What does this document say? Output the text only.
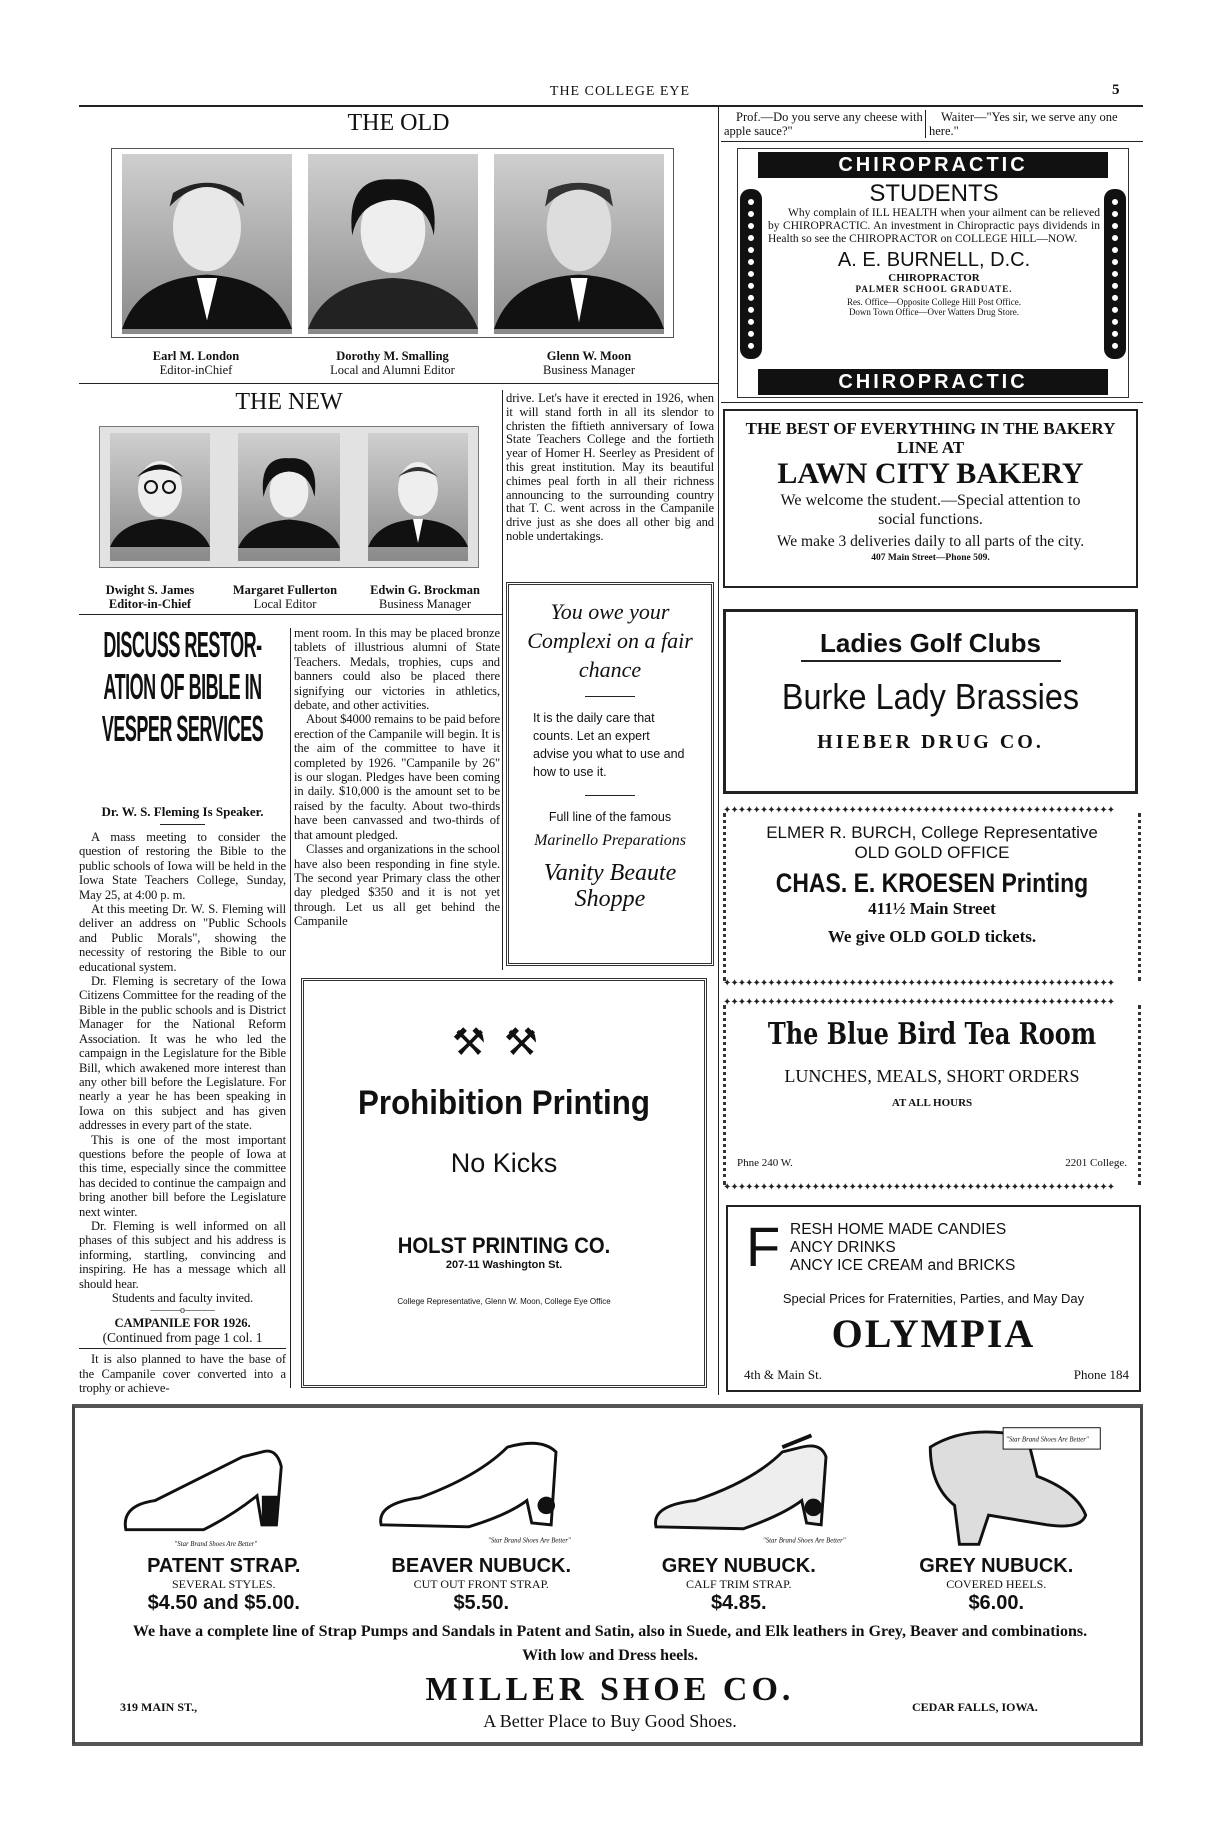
THE COLLEGE EYE	5
THE OLD
Earl M. London
Editor-inChief
Dorothy M. Smalling
Local and Alumni Editor
Glenn W. Moon
Business Manager
THE NEW
Dwight S. James
Editor-in-Chief
Margaret Fullerton
Local Editor
Edwin G. Brockman
Business Manager
drive. Let's have it erected in 1926, when it will stand forth in all its slendor to christen the fiftieth anniversary of Iowa State Teachers College and the fortieth year of Homer H. Seerley as President of this great institution. May its beautiful chimes peal forth in all their richness announcing to the surrounding country that T. C. went across in the Campanile drive just as she does all other big and noble undertakings.
DISCUSS RESTOR-ATION OF BIBLE IN VESPER SERVICES
Dr. W. S. Fleming Is Speaker.

A mass meeting to consider the question of restoring the Bible to the public schools of Iowa will be held in the Iowa State Teachers College, Sunday, May 25, at 4:00 p. m.

At this meeting Dr. W. S. Fleming will deliver an address on "Public Schools and Public Morals", showing the necessity of restoring the Bible to our educational system.

Dr. Fleming is secretary of the Iowa Citizens Committee for the reading of the Bible in the public schools and is District Manager for the National Reform Association. It was he who led the campaign in the Legislature for the Bible Bill, which awakened more interest than any other bill before the Legislature. For nearly a year he has been speaking in Iowa on this subject and has given addresses in every part of the state.

This is one of the most important questions before the people of Iowa at this time, especially since the committee has decided to continue the campaign and bring another bill before the Legislature next winter.

Dr. Fleming is well informed on all phases of this subject and his address is informing, startling, convincing and inspiring. He has a message which all should hear.

Students and faculty invited.

———o———
CAMPANILE FOR 1926.
(Continued from page 1 col. 1

It is also planned to have the base of the Campanile cover converted into a trophy or achieve-

ment room. In this may be placed bronze tablets of illustrious alumni of State Teachers. Medals, trophies, cups and banners could also be placed there signifying our victories in athletics, debate, and other activities.

About $4000 remains to be paid before erection of the Campanile will begin. It is the aim of the committee to have it completed by 1926. "Campanile by 26" is our slogan. Pledges have been coming in daily. $10,000 is the amount set to be raised by the faculty. About two-thirds have been canvassed and two-thirds of that amount pledged.

Classes and organizations in the school have also been responding in fine style. The second year Primary class the other day pledged $350 and it is not yet through. Let us all get behind the Campanile

You owe your Complexi on a fair chance
It is the daily care that counts. Let an expert advise you what to use and how to use it.
Full line of the famous
Marinello Preparations
Vanity Beaute Shoppe
⚒⚒
Prohibition Printing
No Kicks
HOLST PRINTING CO.
207-11 Washington St.
College Representative, Glenn W. Moon, College Eye Office
Prof.—Do you serve any cheese with apple sauce?"
Waiter—"Yes sir, we serve any one here."
CHIROPRACTIC
CHIROPRACTIC
STUDENTS
Why complain of ILL HEALTH when your ailment can be relieved by CHIROPRACTIC. An investment in Chiropractic pays dividends in Health so see the CHIROPRACTOR on COLLEGE HILL—NOW.
A. E. BURNELL, D.C.
CHIROPRACTOR
PALMER SCHOOL GRADUATE.
Res. Office—Opposite College Hill Post Office.
Down Town Office—Over Watters Drug Store.
THE BEST OF EVERYTHING IN THE BAKERY LINE AT
LAWN CITY BAKERY
We welcome the student.—Special attention to social functions.
We make 3 deliveries daily to all parts of the city.
407 Main Street—Phone 509.
Ladies Golf Clubs
Burke Lady Brassies
HIEBER DRUG CO.
✦✦✦✦✦✦✦✦✦✦✦✦✦✦✦✦✦✦✦✦✦✦✦✦✦✦✦✦✦✦✦✦✦✦✦✦✦✦✦✦✦✦✦✦✦✦✦✦✦✦✦✦✦
✦✦✦✦✦✦✦✦✦✦✦✦✦✦✦✦✦✦✦✦✦✦✦✦✦✦✦✦✦✦✦✦✦✦✦✦✦✦✦✦✦✦✦✦✦✦✦✦✦✦✦✦✦
ELMER R. BURCH, College Representative
OLD GOLD OFFICE
CHAS. E. KROESEN Printing
411½ Main Street
We give OLD GOLD tickets.
✦✦✦✦✦✦✦✦✦✦✦✦✦✦✦✦✦✦✦✦✦✦✦✦✦✦✦✦✦✦✦✦✦✦✦✦✦✦✦✦✦✦✦✦✦✦✦✦✦✦✦✦✦
✦✦✦✦✦✦✦✦✦✦✦✦✦✦✦✦✦✦✦✦✦✦✦✦✦✦✦✦✦✦✦✦✦✦✦✦✦✦✦✦✦✦✦✦✦✦✦✦✦✦✦✦✦
The Blue Bird Tea Room
LUNCHES, MEALS, SHORT ORDERS
AT ALL HOURS
Phne 240 W.	2201 College.
F RESH HOME MADE CANDIES
ANCY DRINKS
ANCY ICE CREAM and BRICKS
Special Prices for Fraternities, Parties, and May Day
OLYMPIA
4th & Main St.	Phone 184
"Star Brand Shoes Are Better"
"Star Brand Shoes Are Better"	"Star Brand Shoes Are Better"
"Star Brand Shoes Are Better"
PATENT STRAP.
SEVERAL STYLES.
$4.50 and $5.00.
BEAVER NUBUCK.
CUT OUT FRONT STRAP.
$5.50.
GREY NUBUCK.
CALF TRIM STRAP.
$4.85.
GREY NUBUCK.
COVERED HEELS.
$6.00.
We have a complete line of Strap Pumps and Sandals in Patent and Satin, also in Suede, and Elk leathers in Grey, Beaver and combinations. With low and Dress heels.
MILLER SHOE CO.
A Better Place to Buy Good Shoes.
319 MAIN ST.,	CEDAR FALLS, IOWA.
